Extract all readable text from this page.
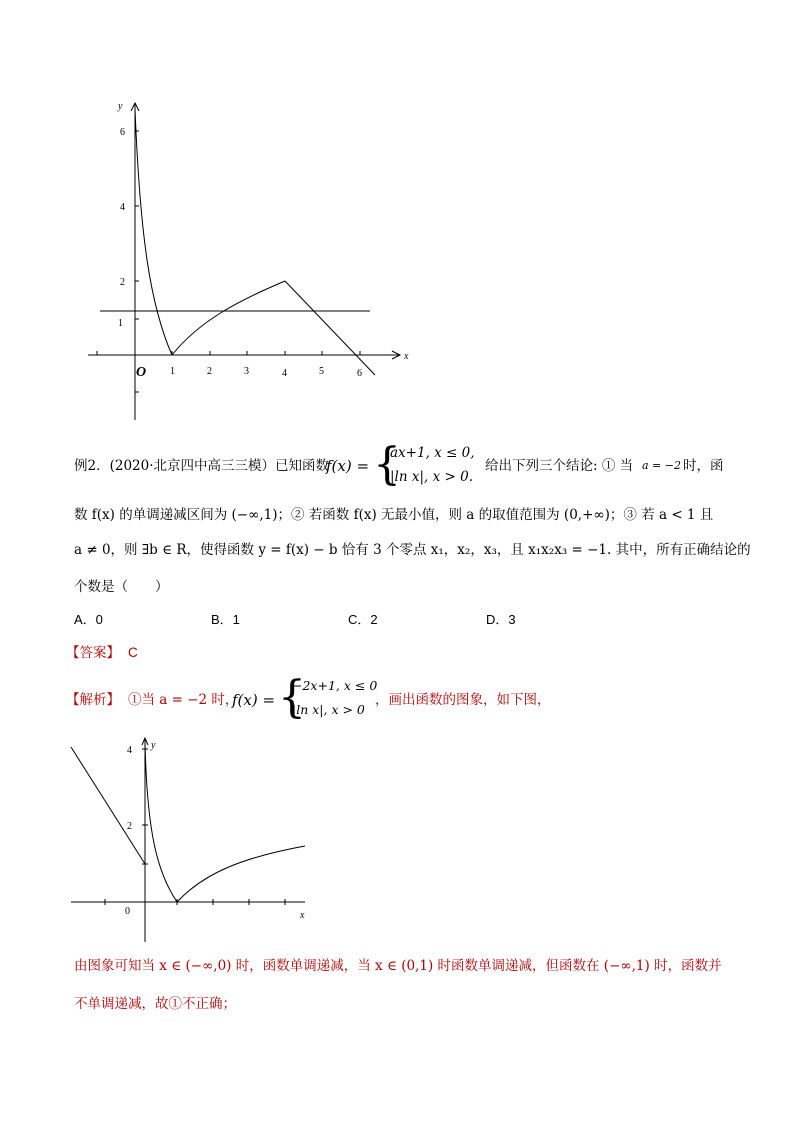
y
x
O 1	2	3	4	5	6
1
2
4
6
例2．(2020·北京四中高三三模）已知函数
f(x) = {
ax+1, x ≤ 0,
|ln x|, x > 0.
给出下列三个结论: ① 当 a = −2 时，函
数 f(x) 的单调递减区间为 (−∞,1)；② 若函数 f(x) 无最小值，则 a 的取值范围为 (0,+∞)；③ 若 a < 1 且
a ≠ 0，则 ∃b ∈ R，使得函数 y = f(x) − b 恰有 3 个零点 x₁，x₂，x₃，且 x₁x₂x₃ = −1. 其中，所有正确结论的
个数是（　　）
A．0	B．1	C．2	D．3
【答案】 C
【解析】 ①当 a = −2 时，
f(x) = {
−2x+1, x ≤ 0
|ln x|, x > 0
，画出函数的图象，如下图，
y
x
0
2
4
由图象可知当 x ∈ (−∞,0) 时，函数单调递减，当 x ∈ (0,1) 时函数单调递减，但函数在 (−∞,1) 时，函数并
不单调递减，故①不正确；
